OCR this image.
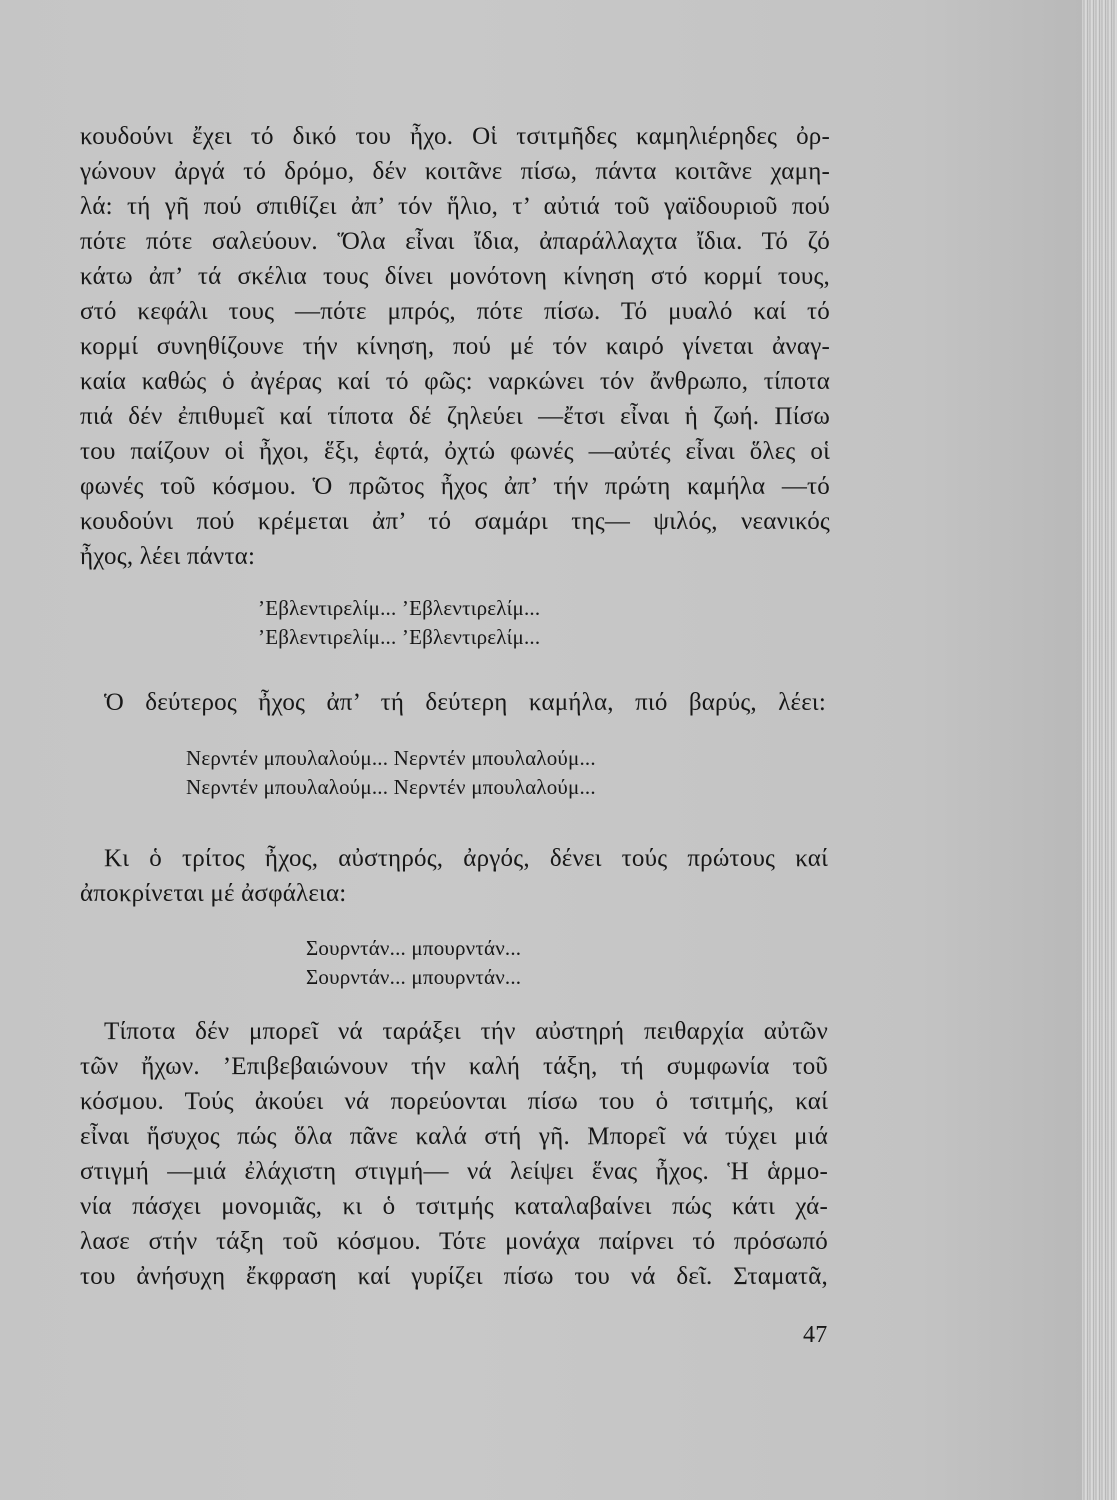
κουδούνι ἔχει τό δικό του ἦχο. Οἱ τσιτμῆδες καμηλιέρηδες ὀρ-
γώνουν ἀργά τό δρόμο, δέν κοιτᾶνε πίσω, πάντα κοιτᾶνε χαμη-
λά: τή γῆ πού σπιθίζει ἀπ’ τόν ἥλιο, τ’ αὐτιά τοῦ γαϊδουριοῦ πού
πότε πότε σαλεύουν. Ὅλα εἶναι ἴδια, ἀπαράλλαχτα ἴδια. Τό ζό
κάτω ἀπ’ τά σκέλια τους δίνει μονότονη κίνηση στό κορμί τους,
στό κεφάλι τους —πότε μπρός, πότε πίσω. Τό μυαλό καί τό
κορμί συνηθίζουνε τήν κίνηση, πού μέ τόν καιρό γίνεται ἀναγ-
καία καθώς ὁ ἀγέρας καί τό φῶς: ναρκώνει τόν ἄνθρωπο, τίποτα
πιά δέν ἐπιθυμεῖ καί τίποτα δέ ζηλεύει —ἔτσι εἶναι ἡ ζωή. Πίσω
του παίζουν οἱ ἦχοι, ἕξι, ἑφτά, ὀχτώ φωνές —αὐτές εἶναι ὅλες οἱ
φωνές τοῦ κόσμου. Ὁ πρῶτος ἦχος ἀπ’ τήν πρώτη καμήλα —τό
κουδούνι πού κρέμεται ἀπ’ τό σαμάρι της— ψιλός, νεανικός
ἦχος, λέει πάντα:
’Εβλεντιρελίμ... ’Εβλεντιρελίμ...
’Εβλεντιρελίμ... ’Εβλεντιρελίμ...
Ὁ δεύτερος ἦχος ἀπ’ τή δεύτερη καμήλα, πιό βαρύς, λέει:
Νερντέν μπουλαλούμ... Νερντέν μπουλαλούμ...
Νερντέν μπουλαλούμ... Νερντέν μπουλαλούμ...
Κι ὁ τρίτος ἦχος, αὐστηρός, ἀργός, δένει τούς πρώτους καί
ἀποκρίνεται μέ ἀσφάλεια:
Σουρντάν... μπουρντάν...
Σουρντάν... μπουρντάν...
Τίποτα δέν μπορεῖ νά ταράξει τήν αὐστηρή πειθαρχία αὐτῶν
τῶν ἤχων. ’Επιβεβαιώνουν τήν καλή τάξη, τή συμφωνία τοῦ
κόσμου. Τούς ἀκούει νά πορεύονται πίσω του ὁ τσιτμής, καί
εἶναι ἥσυχος πώς ὅλα πᾶνε καλά στή γῆ. Μπορεῖ νά τύχει μιά
στιγμή —μιά ἐλάχιστη στιγμή— νά λείψει ἕνας ἦχος. Ἡ ἁρμο-
νία πάσχει μονομιᾶς, κι ὁ τσιτμής καταλαβαίνει πώς κάτι χά-
λασε στήν τάξη τοῦ κόσμου. Τότε μονάχα παίρνει τό πρόσωπό
του ἀνήσυχη ἔκφραση καί γυρίζει πίσω του νά δεῖ. Σταματᾶ,
47
